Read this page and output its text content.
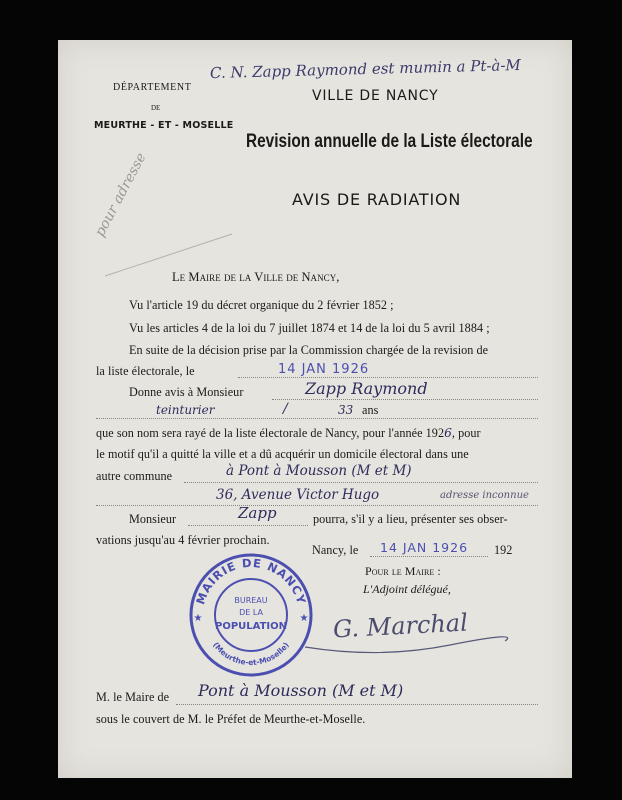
DÉPARTEMENT
DE
MEURTHE - ET - MOSELLE
C. N. Zapp Raymond est mumin a Pt-à-M
VILLE DE NANCY
Revision annuelle de la Liste électorale
AVIS DE RADIATION
pour adresse
Le Maire de la Ville de Nancy,
Vu l'article 19 du décret organique du 2 février 1852 ;
Vu les articles 4 de la loi du 7 juillet 1874 et 14 de la loi du 5 avril 1884 ;
En suite de la décision prise par la Commission chargée de la revision de
la liste électorale, le	14 JAN 1926
Donne avis à Monsieur	Zapp Raymond
teinturier	/	33 ans
que son nom sera rayé de la liste électorale de Nancy, pour l'année 1926, pour
le motif qu'il a quitté la ville et a dû acquérir un domicile électoral dans une
autre commune	à Pont à Mousson (M et M)
36, Avenue Victor Hugo	adresse inconnue
Monsieur	Zapp	pourra, s'il y a lieu, présenter ses obser-
vations jusqu'au 4 février prochain.
Nancy, le 14 JAN 1926 192
Pour le Maire :
L'Adjoint délégué,
MAIRIE DE NANCY
(Meurthe-et-Moselle)
BUREAU
DE LA
POPULATION
★	★ G. Marchal
M. le Maire de Pont à Mousson (M et M)
sous le couvert de M. le Préfet de Meurthe-et-Moselle.
